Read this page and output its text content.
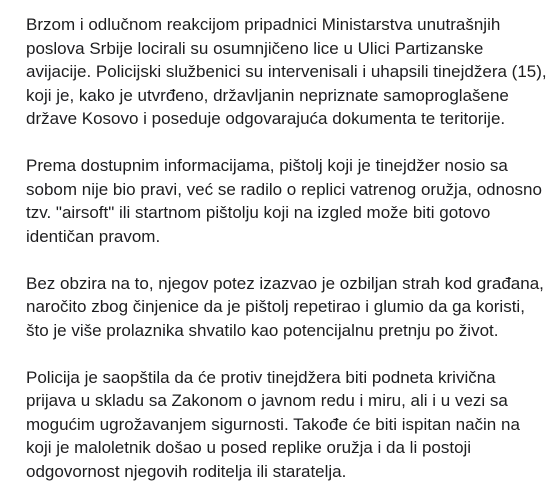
Brzom i odlučnom reakcijom pripadnici Ministarstva unutrašnjih
poslova Srbije locirali su osumnjičeno lice u Ulici Partizanske
avijacije. Policijski službenici su intervenisali i uhapsili tinejdžera (15),
koji je, kako je utvrđeno, državljanin nepriznate samoproglašene
države Kosovo i poseduje odgovarajuća dokumenta te teritorije.

Prema dostupnim informacijama, pištolj koji je tinejdžer nosio sa
sobom nije bio pravi, već se radilo o replici vatrenog oružja, odnosno
tzv. "airsoft" ili startnom pištolju koji na izgled može biti gotovo
identičan pravom.

Bez obzira na to, njegov potez izazvao je ozbiljan strah kod građana,
naročito zbog činjenice da je pištolj repetirao i glumio da ga koristi,
što je više prolaznika shvatilo kao potencijalnu pretnju po život.

Policija je saopštila da će protiv tinejdžera biti podneta krivična
prijava u skladu sa Zakonom o javnom redu i miru, ali i u vezi sa
mogućim ugrožavanjem sigurnosti. Takođe će biti ispitan način na
koji je maloletnik došao u posed replike oružja i da li postoji
odgovornost njegovih roditelja ili staratelja.
